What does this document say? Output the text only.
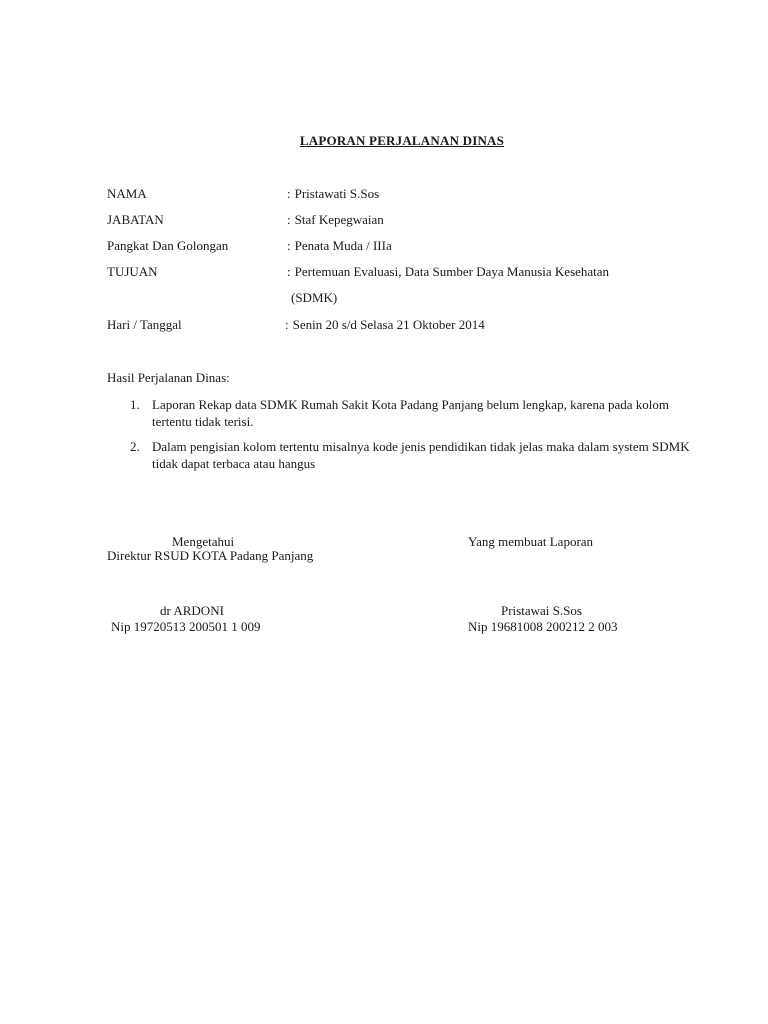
LAPORAN PERJALANAN DINAS
NAMA	: Pristawati S.Sos
JABATAN	: Staf Kepegwaian
Pangkat Dan Golongan	: Penata Muda / IIIa
TUJUAN	: Pertemuan Evaluasi, Data Sumber Daya Manusia Kesehatan
(SDMK)
Hari / Tanggal	: Senin 20 s/d Selasa 21 Oktober 2014
Hasil Perjalanan Dinas:
1. Laporan Rekap data SDMK Rumah Sakit Kota Padang Panjang belum lengkap, karena pada kolom tertentu tidak terisi.
2. Dalam pengisian kolom tertentu misalnya kode jenis pendidikan tidak jelas maka dalam system SDMK tidak dapat terbaca atau hangus
Mengetahui
Direktur RSUD KOTA Padang Panjang
dr ARDONI
Nip 19720513 200501 1 009
Yang membuat Laporan
Pristawai S.Sos
Nip 19681008 200212 2 003
